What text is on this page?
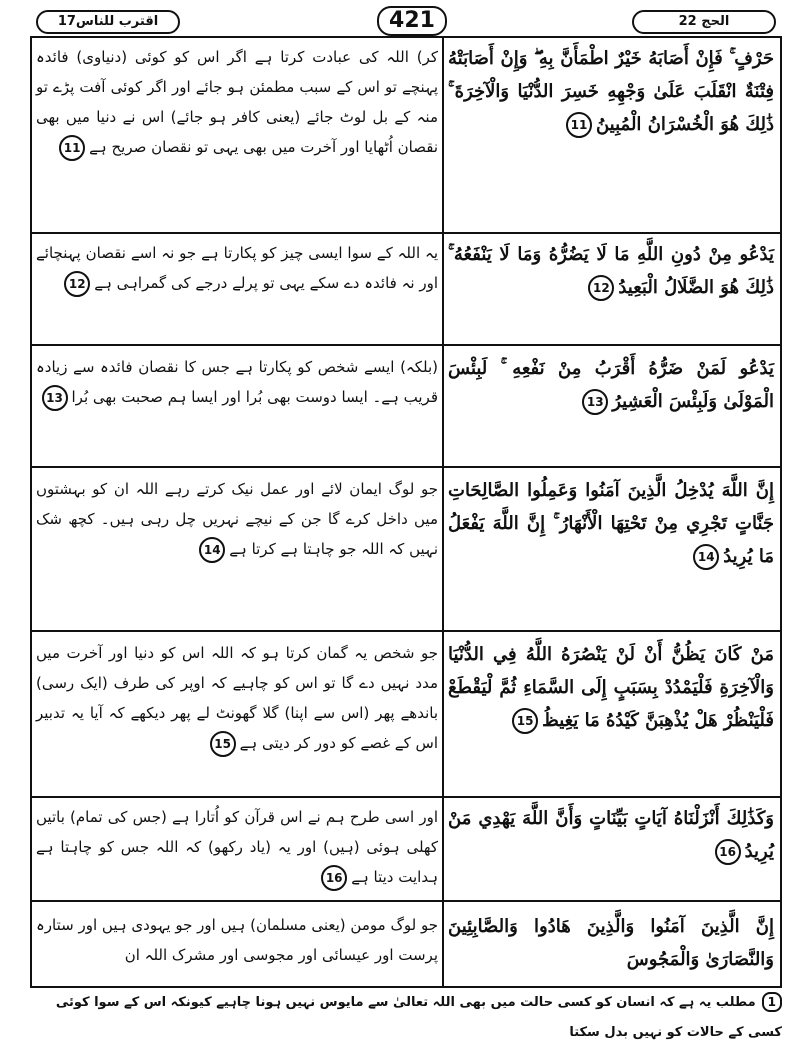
اقترب للناس17	421	الحج 22
حَرْفٍ ۚ فَإِنْ أَصَابَهُ خَيْرٌ اطْمَأَنَّ بِهِ ۖ وَإِنْ أَصَابَتْهُ فِتْنَةٌ انْقَلَبَ عَلَىٰ وَجْهِهِ خَسِرَ الدُّنْيَا وَالْآخِرَةَ ۚ ذَٰلِكَ هُوَ الْخُسْرَانُ الْمُبِينُ11
کر) اللہ کی عبادت کرتا ہے اگر اس کو کوئی (دنیاوی) فائدہ پہنچے تو اس کے سبب مطمئن ہو جائے اور اگر کوئی آفت پڑے تو منہ کے بل لوٹ جائے (یعنی کافر ہو جائے) اس نے دنیا میں بھی نقصان اُٹھایا اور آخرت میں بھی یہی تو نقصان صریح ہے11
يَدْعُو مِنْ دُونِ اللَّهِ مَا لَا يَضُرُّهُ وَمَا لَا يَنْفَعُهُ ۚ ذَٰلِكَ هُوَ الضَّلَالُ الْبَعِيدُ12
یہ اللہ کے سوا ایسی چیز کو پکارتا ہے جو نہ اسے نقصان پہنچائے اور نہ فائدہ دے سکے یہی تو پرلے درجے کی گمراہی ہے12
يَدْعُو لَمَنْ ضَرُّهُ أَقْرَبُ مِنْ نَفْعِهِ ۚ لَبِئْسَ الْمَوْلَىٰ وَلَبِئْسَ الْعَشِيرُ13
(بلکہ) ایسے شخص کو پکارتا ہے جس کا نقصان فائدہ سے زیادہ قریب ہے۔ ایسا دوست بھی بُرا اور ایسا ہم صحبت بھی بُرا13
إِنَّ اللَّهَ يُدْخِلُ الَّذِينَ آمَنُوا وَعَمِلُوا الصَّالِحَاتِ جَنَّاتٍ تَجْرِي مِنْ تَحْتِهَا الْأَنْهَارُ ۚ إِنَّ اللَّهَ يَفْعَلُ مَا يُرِيدُ14
جو لوگ ایمان لائے اور عمل نیک کرتے رہے اللہ ان کو بہشتوں میں داخل کرے گا جن کے نیچے نہریں چل رہی ہیں۔ کچھ شک نہیں کہ اللہ جو چاہتا ہے کرتا ہے14
مَنْ كَانَ يَظُنُّ أَنْ لَنْ يَنْصُرَهُ اللَّهُ فِي الدُّنْيَا وَالْآخِرَةِ فَلْيَمْدُدْ بِسَبَبٍ إِلَى السَّمَاءِ ثُمَّ لْيَقْطَعْ فَلْيَنْظُرْ هَلْ يُذْهِبَنَّ كَيْدُهُ مَا يَغِيظُ15
جو شخص یہ گمان کرتا ہو کہ اللہ اس کو دنیا اور آخرت میں مدد نہیں دے گا تو اس کو چاہیے کہ اوپر کی طرف (ایک رسی) باندھے پھر (اس سے اپنا) گلا گھونٹ لے پھر دیکھے کہ آیا یہ تدبیر اس کے غصے کو دور کر دیتی ہے15
وَكَذَٰلِكَ أَنْزَلْنَاهُ آيَاتٍ بَيِّنَاتٍ وَأَنَّ اللَّهَ يَهْدِي مَنْ يُرِيدُ16
اور اسی طرح ہم نے اس قرآن کو اُتارا ہے (جس کی تمام) باتیں کھلی ہوئی (ہیں) اور یہ (یاد رکھو) کہ اللہ جس کو چاہتا ہے ہدایت دیتا ہے16
إِنَّ الَّذِينَ آمَنُوا وَالَّذِينَ هَادُوا وَالصَّابِئِينَ وَالنَّصَارَىٰ وَالْمَجُوسَ
جو لوگ مومن (یعنی مسلمان) ہیں اور جو یہودی ہیں اور ستارہ پرست اور عیسائی اور مجوسی اور مشرک اللہ ان
1مطلب یہ ہے کہ انسان کو کسی حالت میں بھی اللہ تعالیٰ سے مایوس نہیں ہونا چاہیے کیونکہ اس کے سوا کوئی کسی کے حالات کو نہیں بدل سکتا
